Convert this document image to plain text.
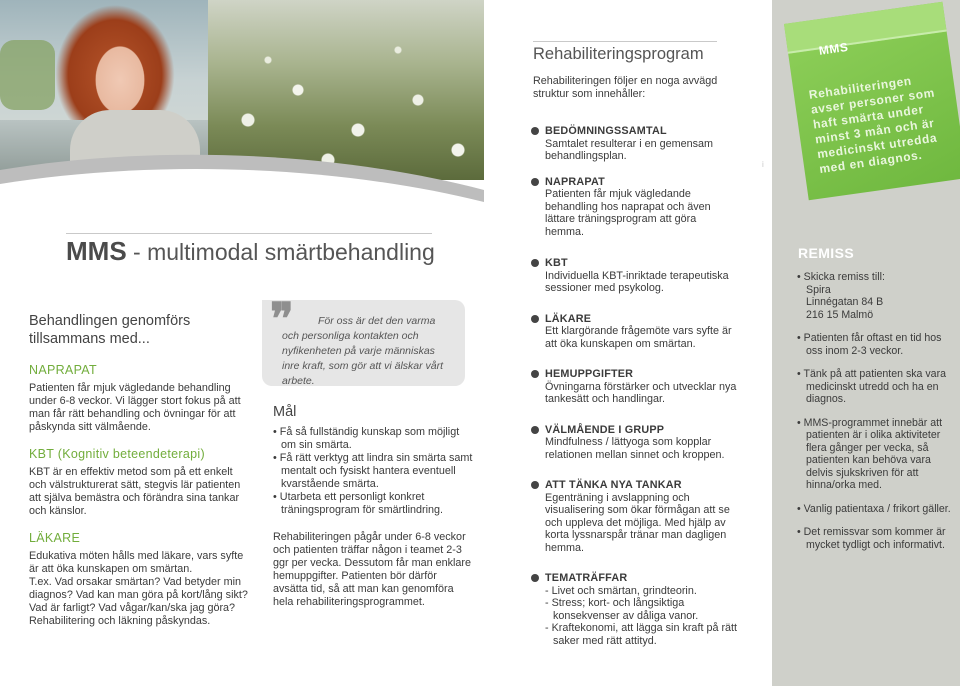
MMS - multimodal smärtbehandling
Behandlingen genomförs tillsammans med...
NAPRAPAT

Patienten får mjuk vägledande behandling under 6-8 veckor. Vi lägger stort fokus på att man får rätt behandling och övningar för att påskynda sitt välmående.

KBT (Kognitiv beteendeterapi)

KBT är en effektiv metod som på ett enkelt och välstrukturerat sätt, stegvis lär patienten att själva bemästra och förändra sina tankar och känslor.

LÄKARE

Edukativa möten hålls med läkare, vars syfte är att öka kunskapen om smärtan.

T.ex. Vad orsakar smärtan? Vad betyder min diagnos? Vad kan man göra på kort/lång sikt? Vad är farligt? Vad vågar/kan/ska jag göra? Rehabilitering och läkning påskyndas.

För oss är det den varma och personliga kontakten och nyfikenheten på varje människas inre kraft, som gör att vi älskar vårt arbete.
❞
Mål
• Få så fullständig kunskap som möjligt om sin smärta.
• Få rätt verktyg att lindra sin smärta samt mentalt och fysiskt hantera eventuell kvarstående smärta.
• Utarbeta ett personligt konkret träningsprogram för smärtlindring.

Rehabiliteringen pågår under 6-8 veckor och patienten träffar någon i teamet 2-3 ggr per vecka. Dessutom får man enklare hemuppgifter. Patienten bör därför avsätta tid, så att man kan genomföra hela rehabiliteringsprogrammet.

Rehabiliteringsprogram
Rehabiliteringen följer en noga avvägd struktur som innehåller:
BEDÖMNINGSSAMTAL
Samtalet resulterar i en gemensam behandlingsplan.
NAPRAPAT
Patienten får mjuk vägledande behandling hos naprapat och även lättare träningsprogram att göra hemma.
KBT
Individuella KBT-inriktade terapeutiska sessioner med psykolog.
LÄKARE
Ett klargörande frågemöte vars syfte är att öka kunskapen om smärtan.
HEMUPPGIFTER
Övningarna förstärker och utvecklar nya tankesätt och handlingar.
VÄLMÅENDE I GRUPP
Mindfulness / lättyoga som kopplar relationen mellan sinnet och kroppen.
ATT TÄNKA NYA TANKAR
Egenträning i avslappning och visualisering som ökar förmågan att se och uppleva det möjliga. Med hjälp av korta lyssnarspår tränar man dagligen hemma.
TEMATRÄFFAR
- Livet och smärtan, grindteorin.
- Stress; kort- och långsiktiga konsekvenser av dåliga vanor.
- Kraftekonomi, att lägga sin kraft på rätt saker med rätt attityd.
i
MMS
Rehabiliteringen avser personer som haft smärta under minst 3 mån och är medicinskt utredda med en diagnos.
REMISS
• Skicka remiss till:
Spira
Linnégatan 84 B
216 15 Malmö
• Patienten får oftast en tid hos oss inom 2-3 veckor.
• Tänk på att patienten ska vara medicinskt utredd och ha en diagnos.
• MMS-programmet innebär att patienten är i olika aktiviteter flera gånger per vecka, så patienten kan behöva vara delvis sjukskriven för att hinna/orka med.
• Vanlig patientaxa / frikort gäller.
• Det remissvar som kommer är mycket tydligt och informativt.
